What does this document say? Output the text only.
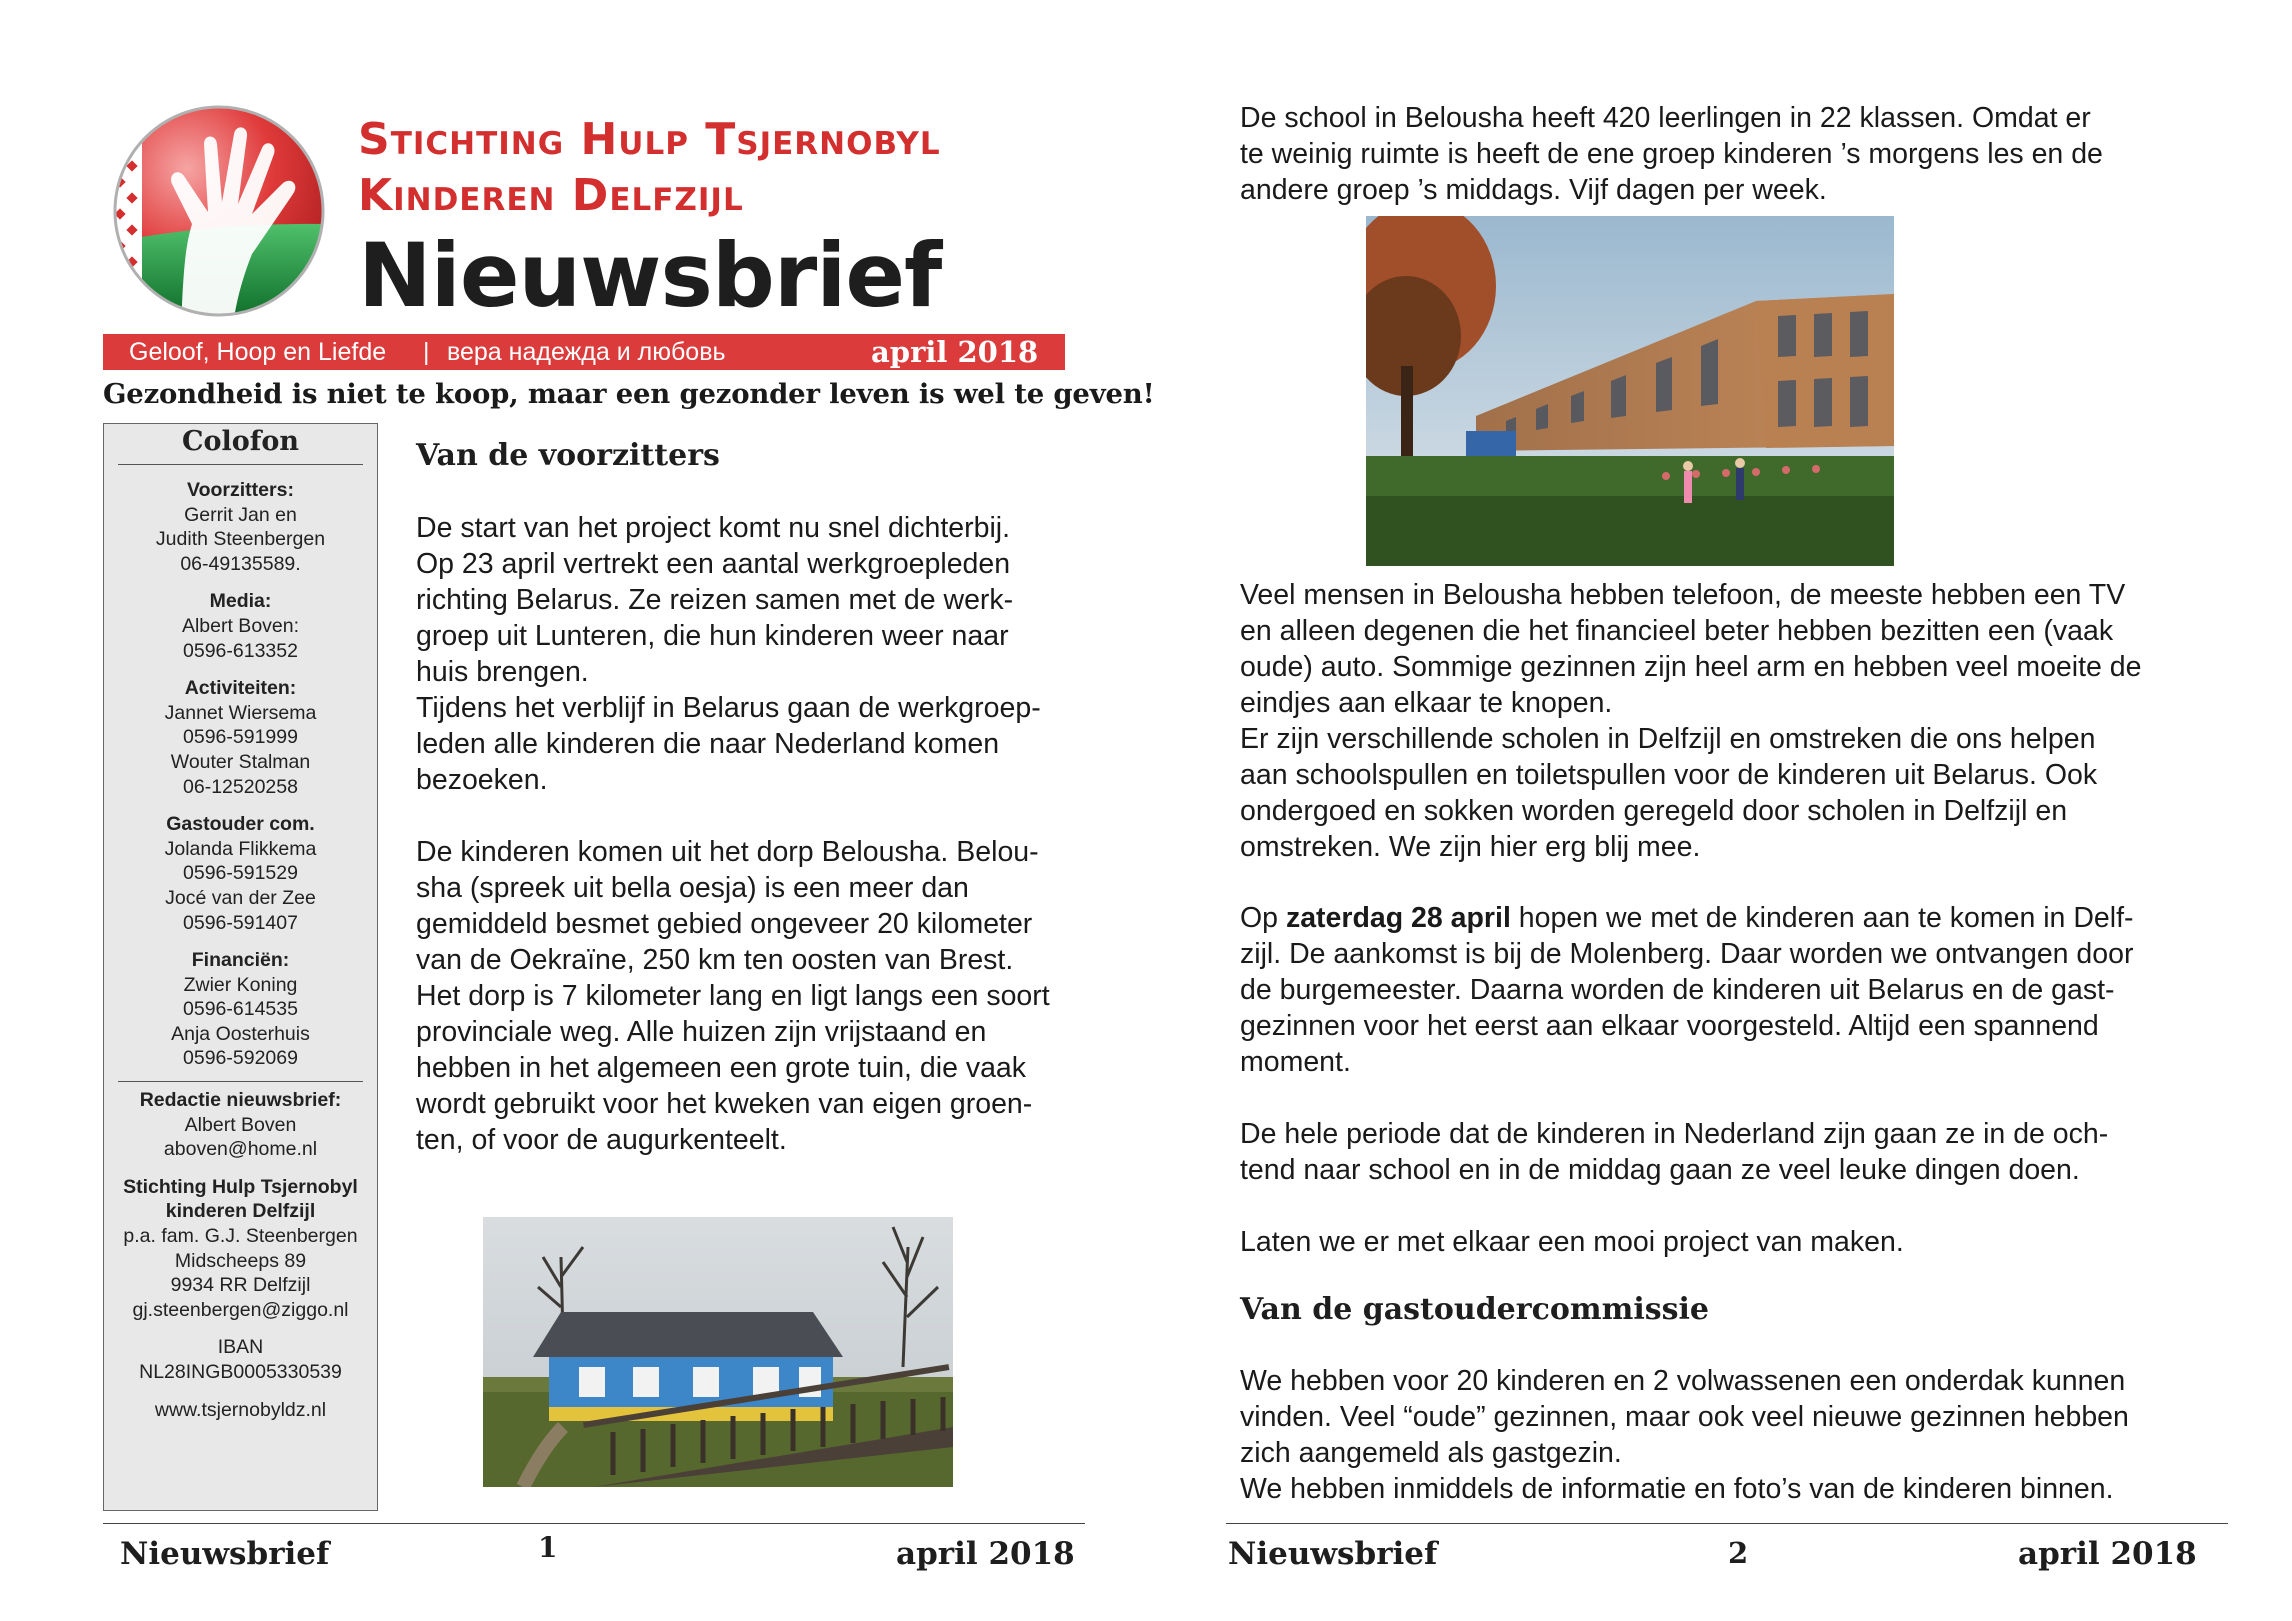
Stichting Hulp Tsjernobyl
Kinderen Delfzijl
Nieuwsbrief
Geloof, Hoop en Liefde | вера надежда и любовь	april 2018
Gezondheid is niet te koop, maar een gezonder leven is wel te geven!
Colofon
Voorzitters:
Gerrit Jan en
Judith Steenbergen
06-49135589.
Media:
Albert Boven:
0596-613352
Activiteiten:
Jannet Wiersema
0596-591999
Wouter Stalman
06-12520258
Gastouder com.
Jolanda Flikkema
0596-591529
Jocé van der Zee
0596-591407
Financiën:
Zwier Koning
0596-614535
Anja Oosterhuis
0596-592069
Redactie nieuwsbrief:
Albert Boven
aboven@home.nl
Stichting Hulp Tsjernobyl
kinderen Delfzijl
p.a. fam. G.J. Steenbergen
Midscheeps 89
9934 RR Delfzijl
gj.steenbergen@ziggo.nl
IBAN
NL28INGB0005330539
www.tsjernobyldz.nl
Van de voorzitters
De start van het project komt nu snel dichterbij.
Op 23 april vertrekt een aantal werkgroepleden
richting Belarus. Ze reizen samen met de werk-
groep uit Lunteren, die hun kinderen weer naar
huis brengen.
Tijdens het verblijf in Belarus gaan de werkgroep-
leden alle kinderen die naar Nederland komen
bezoeken.
De kinderen komen uit het dorp Belousha. Belou-
sha (spreek uit bella oesja) is een meer dan
gemiddeld besmet gebied ongeveer 20 kilometer
van de Oekraïne, 250 km ten oosten van Brest.
Het dorp is 7 kilometer lang en ligt langs een soort
provinciale weg. Alle huizen zijn vrijstaand en
hebben in het algemeen een grote tuin, die vaak
wordt gebruikt voor het kweken van eigen groen-
ten, of voor de augurkenteelt.
Nieuwsbrief	1	april 2018
De school in Belousha heeft 420 leerlingen in 22 klassen. Omdat er
te weinig ruimte is heeft de ene groep kinderen ’s morgens les en de
andere groep ’s middags. Vijf dagen per week.
Veel mensen in Belousha hebben telefoon, de meeste hebben een TV
en alleen degenen die het financieel beter hebben bezitten een (vaak
oude) auto. Sommige gezinnen zijn heel arm en hebben veel moeite de
eindjes aan elkaar te knopen.
Er zijn verschillende scholen in Delfzijl en omstreken die ons helpen
aan schoolspullen en toiletspullen voor de kinderen uit Belarus. Ook
ondergoed en sokken worden geregeld door scholen in Delfzijl en
omstreken. We zijn hier erg blij mee.
Op zaterdag 28 april hopen we met de kinderen aan te komen in Delf-
zijl. De aankomst is bij de Molenberg. Daar worden we ontvangen door
de burgemeester. Daarna worden de kinderen uit Belarus en de gast-
gezinnen voor het eerst aan elkaar voorgesteld. Altijd een spannend
moment.
De hele periode dat de kinderen in Nederland zijn gaan ze in de och-
tend naar school en in de middag gaan ze veel leuke dingen doen.
Laten we er met elkaar een mooi project van maken.
Van de gastoudercommissie
We hebben voor 20 kinderen en 2 volwassenen een onderdak kunnen
vinden. Veel “oude” gezinnen, maar ook veel nieuwe gezinnen hebben
zich aangemeld als gastgezin.
We hebben inmiddels de informatie en foto’s van de kinderen binnen.
Nieuwsbrief	2	april 2018
